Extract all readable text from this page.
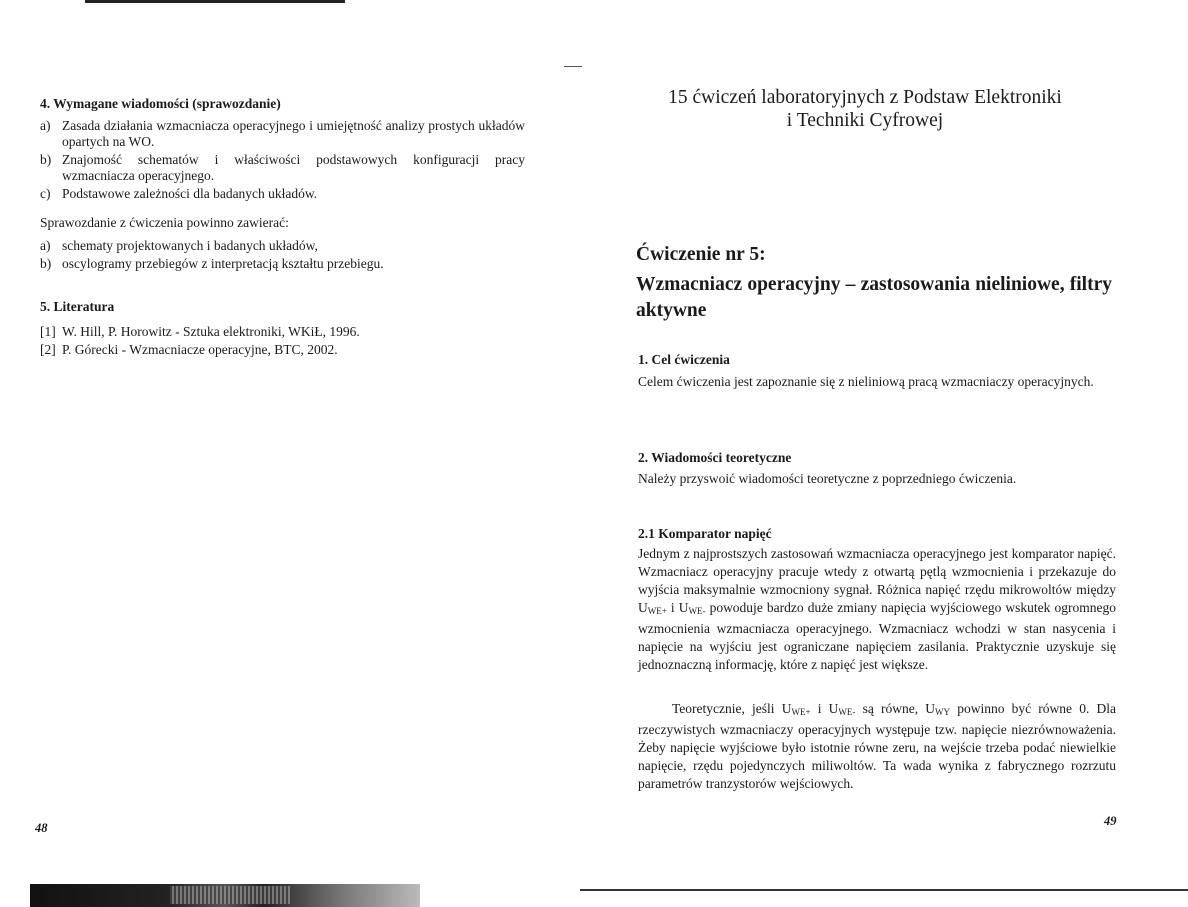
4. Wymagane wiadomości (sprawozdanie)
a) Zasada działania wzmacniacza operacyjnego i umiejętność analizy prostych układów opartych na WO.
b) Znajomość schematów i właściwości podstawowych konfiguracji pracy wzmacniacza operacyjnego.
c) Podstawowe zależności dla badanych układów.
Sprawozdanie z ćwiczenia powinno zawierać:
a) schematy projektowanych i badanych układów,
b) oscylogramy przebiegów z interpretacją kształtu przebiegu.
5. Literatura
[1] W. Hill, P. Horowitz - Sztuka elektroniki, WKiŁ, 1996.
[2] P. Górecki - Wzmacniacze operacyjne, BTC, 2002.
48
15 ćwiczeń laboratoryjnych z Podstaw Elektroniki
i Techniki Cyfrowej
Ćwiczenie nr 5:
Wzmacniacz operacyjny – zastosowania nieliniowe, filtry aktywne
1. Cel ćwiczenia
Celem ćwiczenia jest zapoznanie się z nieliniową pracą wzmacniaczy operacyjnych.
2. Wiadomości teoretyczne
Należy przyswoić wiadomości teoretyczne z poprzedniego ćwiczenia.
2.1 Komparator napięć
Jednym z najprostszych zastosowań wzmacniacza operacyjnego jest komparator napięć. Wzmacniacz operacyjny pracuje wtedy z otwartą pętlą wzmocnienia i przekazuje do wyjścia maksymalnie wzmocniony sygnał. Różnica napięć rzędu mikrowoltów między $U_{WE+}$ i $U_{WE-}$ powoduje bardzo duże zmiany napięcia wyjściowego wskutek ogromnego wzmocnienia wzmacniacza operacyjnego. Wzmacniacz wchodzi w stan nasycenia i napięcie na wyjściu jest ograniczane napięciem zasilania. Praktycznie uzyskuje się jednoznaczną informację, które z napięć jest większe.
Teoretycznie, jeśli $U_{WE+}$ i $U_{WE-}$ są równe, $U_{WY}$ powinno być równe 0. Dla rzeczywistych wzmacniaczy operacyjnych występuje tzw. napięcie niezrównoważenia. Żeby napięcie wyjściowe było istotnie równe zeru, na wejście trzeba podać niewielkie napięcie, rzędu pojedynczych miliwoltów. Ta wada wynika z fabrycznego rozrzutu parametrów tranzystorów wejściowych.
49
